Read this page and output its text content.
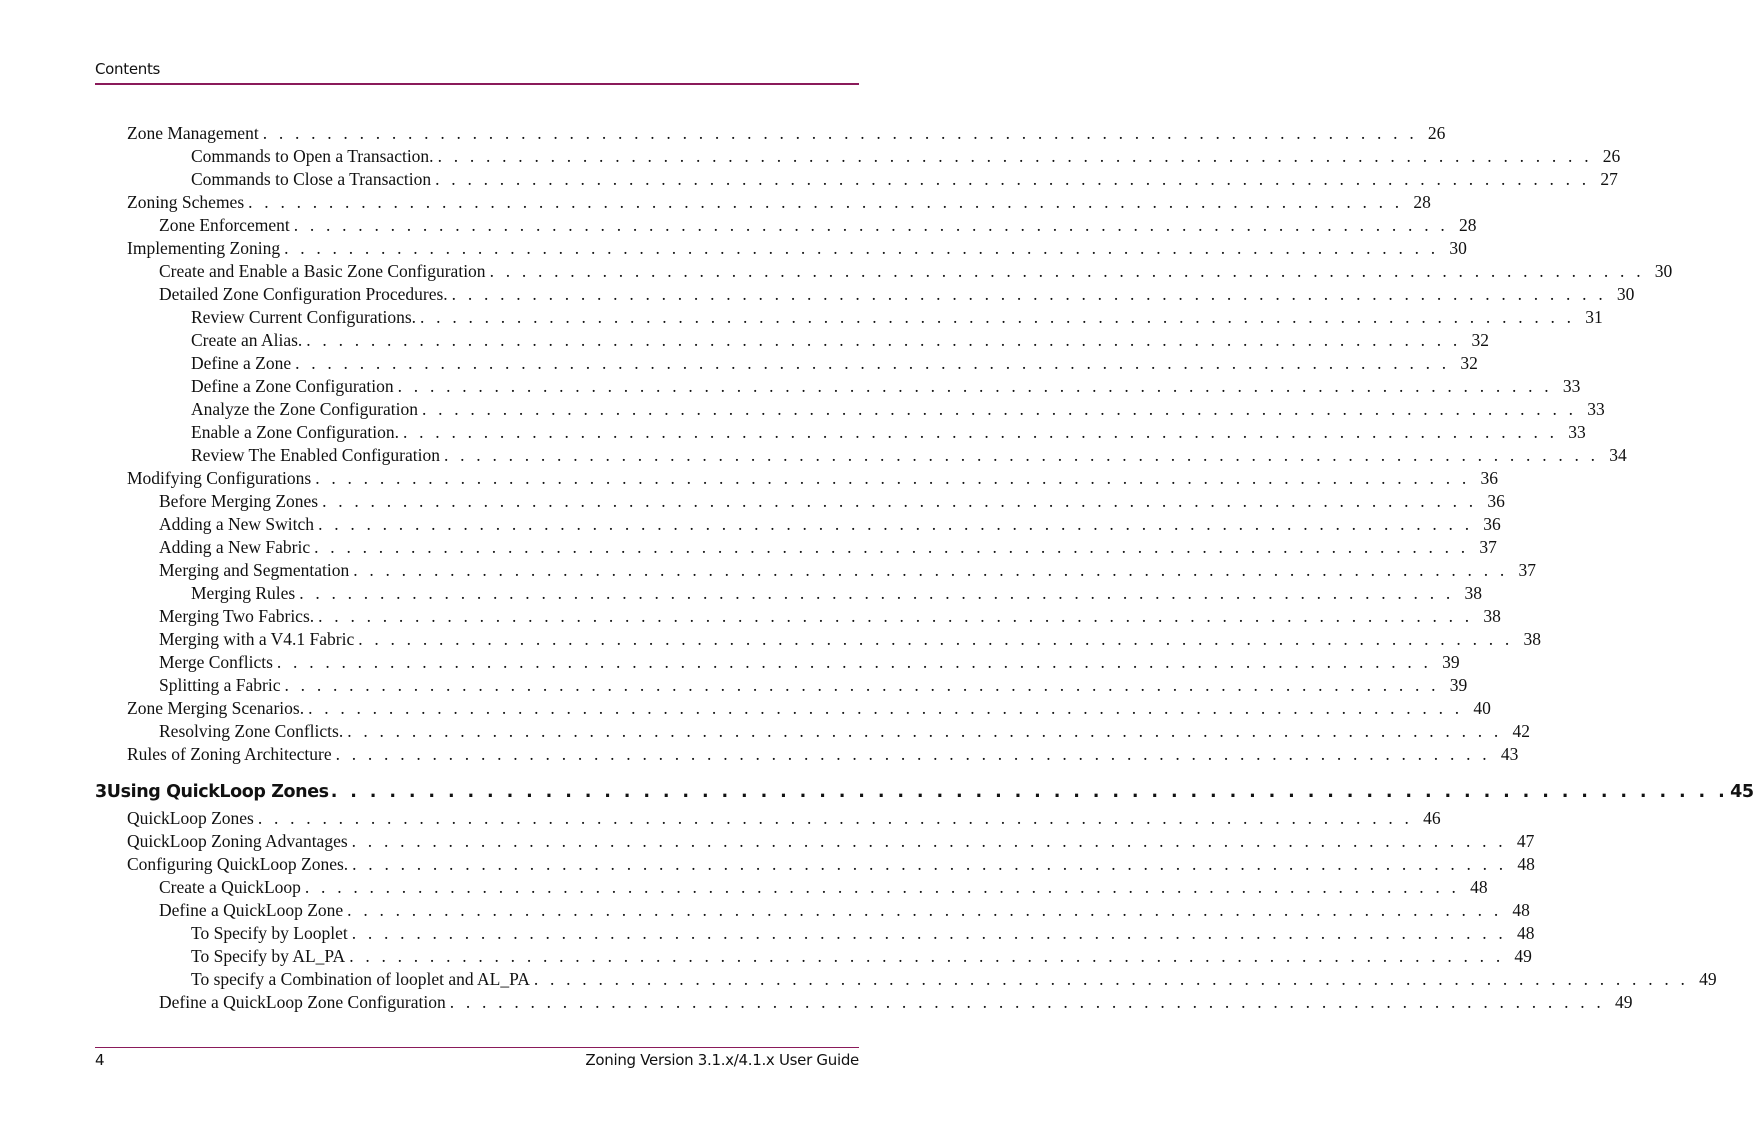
Contents
Zone Management . . . . . . . . . . . . . . . . . . . . . . . . . . . . . . . . . . . . . . . . . . . . . . . . . . . . . . . . . . . . . . . . . . . . . . . . 26
Commands to Open a Transaction. . . . . . . . . . . . . . . . . . . . . . . . . . . . . . . . . . . . . . . . . . . . . . . . . . . . . . . . . . . . . . . . . . . . . . . . . 26
Commands to Close a Transaction . . . . . . . . . . . . . . . . . . . . . . . . . . . . . . . . . . . . . . . . . . . . . . . . . . . . . . . . . . . . . . . . . . . . . . . . 27
Zoning Schemes . . . . . . . . . . . . . . . . . . . . . . . . . . . . . . . . . . . . . . . . . . . . . . . . . . . . . . . . . . . . . . . . . . . . . . . . 28
Zone Enforcement . . . . . . . . . . . . . . . . . . . . . . . . . . . . . . . . . . . . . . . . . . . . . . . . . . . . . . . . . . . . . . . . . . . . . . . . 28
Implementing Zoning . . . . . . . . . . . . . . . . . . . . . . . . . . . . . . . . . . . . . . . . . . . . . . . . . . . . . . . . . . . . . . . . . . . . . . . . 30
Create and Enable a Basic Zone Configuration . . . . . . . . . . . . . . . . . . . . . . . . . . . . . . . . . . . . . . . . . . . . . . . . . . . . . . . . . . . . . . . . . . . . . . . . 30
Detailed Zone Configuration Procedures. . . . . . . . . . . . . . . . . . . . . . . . . . . . . . . . . . . . . . . . . . . . . . . . . . . . . . . . . . . . . . . . . . . . . . . . . 30
Review Current Configurations. . . . . . . . . . . . . . . . . . . . . . . . . . . . . . . . . . . . . . . . . . . . . . . . . . . . . . . . . . . . . . . . . . . . . . . . . 31
Create an Alias. . . . . . . . . . . . . . . . . . . . . . . . . . . . . . . . . . . . . . . . . . . . . . . . . . . . . . . . . . . . . . . . . . . . . . . . . 32
Define a Zone . . . . . . . . . . . . . . . . . . . . . . . . . . . . . . . . . . . . . . . . . . . . . . . . . . . . . . . . . . . . . . . . . . . . . . . . 32
Define a Zone Configuration . . . . . . . . . . . . . . . . . . . . . . . . . . . . . . . . . . . . . . . . . . . . . . . . . . . . . . . . . . . . . . . . . . . . . . . . 33
Analyze the Zone Configuration . . . . . . . . . . . . . . . . . . . . . . . . . . . . . . . . . . . . . . . . . . . . . . . . . . . . . . . . . . . . . . . . . . . . . . . . 33
Enable a Zone Configuration. . . . . . . . . . . . . . . . . . . . . . . . . . . . . . . . . . . . . . . . . . . . . . . . . . . . . . . . . . . . . . . . . . . . . . . . . 33
Review The Enabled Configuration . . . . . . . . . . . . . . . . . . . . . . . . . . . . . . . . . . . . . . . . . . . . . . . . . . . . . . . . . . . . . . . . . . . . . . . . 34
Modifying Configurations . . . . . . . . . . . . . . . . . . . . . . . . . . . . . . . . . . . . . . . . . . . . . . . . . . . . . . . . . . . . . . . . . . . . . . . . 36
Before Merging Zones . . . . . . . . . . . . . . . . . . . . . . . . . . . . . . . . . . . . . . . . . . . . . . . . . . . . . . . . . . . . . . . . . . . . . . . . 36
Adding a New Switch . . . . . . . . . . . . . . . . . . . . . . . . . . . . . . . . . . . . . . . . . . . . . . . . . . . . . . . . . . . . . . . . . . . . . . . . 36
Adding a New Fabric . . . . . . . . . . . . . . . . . . . . . . . . . . . . . . . . . . . . . . . . . . . . . . . . . . . . . . . . . . . . . . . . . . . . . . . . 37
Merging and Segmentation . . . . . . . . . . . . . . . . . . . . . . . . . . . . . . . . . . . . . . . . . . . . . . . . . . . . . . . . . . . . . . . . . . . . . . . . 37
Merging Rules . . . . . . . . . . . . . . . . . . . . . . . . . . . . . . . . . . . . . . . . . . . . . . . . . . . . . . . . . . . . . . . . . . . . . . . . 38
Merging Two Fabrics. . . . . . . . . . . . . . . . . . . . . . . . . . . . . . . . . . . . . . . . . . . . . . . . . . . . . . . . . . . . . . . . . . . . . . . . . 38
Merging with a V4.1 Fabric . . . . . . . . . . . . . . . . . . . . . . . . . . . . . . . . . . . . . . . . . . . . . . . . . . . . . . . . . . . . . . . . . . . . . . . . 38
Merge Conflicts . . . . . . . . . . . . . . . . . . . . . . . . . . . . . . . . . . . . . . . . . . . . . . . . . . . . . . . . . . . . . . . . . . . . . . . . 39
Splitting a Fabric . . . . . . . . . . . . . . . . . . . . . . . . . . . . . . . . . . . . . . . . . . . . . . . . . . . . . . . . . . . . . . . . . . . . . . . . 39
Zone Merging Scenarios. . . . . . . . . . . . . . . . . . . . . . . . . . . . . . . . . . . . . . . . . . . . . . . . . . . . . . . . . . . . . . . . . . . . . . . . . 40
Resolving Zone Conflicts. . . . . . . . . . . . . . . . . . . . . . . . . . . . . . . . . . . . . . . . . . . . . . . . . . . . . . . . . . . . . . . . . . . . . . . . . 42
Rules of Zoning Architecture . . . . . . . . . . . . . . . . . . . . . . . . . . . . . . . . . . . . . . . . . . . . . . . . . . . . . . . . . . . . . . . . . . . . . . . . 43
3 Using QuickLoop Zones . . . . . . . . . . . . . . . . . . . . . . . . . . . . . . . . . . . . . . . . . . . . . . . . . . . . . . . . . . . . . . . . . . . . . . . . 45
QuickLoop Zones . . . . . . . . . . . . . . . . . . . . . . . . . . . . . . . . . . . . . . . . . . . . . . . . . . . . . . . . . . . . . . . . . . . . . . . . 46
QuickLoop Zoning Advantages . . . . . . . . . . . . . . . . . . . . . . . . . . . . . . . . . . . . . . . . . . . . . . . . . . . . . . . . . . . . . . . . . . . . . . . . 47
Configuring QuickLoop Zones. . . . . . . . . . . . . . . . . . . . . . . . . . . . . . . . . . . . . . . . . . . . . . . . . . . . . . . . . . . . . . . . . . . . . . . . . 48
Create a QuickLoop . . . . . . . . . . . . . . . . . . . . . . . . . . . . . . . . . . . . . . . . . . . . . . . . . . . . . . . . . . . . . . . . . . . . . . . . 48
Define a QuickLoop Zone . . . . . . . . . . . . . . . . . . . . . . . . . . . . . . . . . . . . . . . . . . . . . . . . . . . . . . . . . . . . . . . . . . . . . . . . 48
To Specify by Looplet . . . . . . . . . . . . . . . . . . . . . . . . . . . . . . . . . . . . . . . . . . . . . . . . . . . . . . . . . . . . . . . . . . . . . . . . 48
To Specify by AL_PA . . . . . . . . . . . . . . . . . . . . . . . . . . . . . . . . . . . . . . . . . . . . . . . . . . . . . . . . . . . . . . . . . . . . . . . . 49
To specify a Combination of looplet and AL_PA . . . . . . . . . . . . . . . . . . . . . . . . . . . . . . . . . . . . . . . . . . . . . . . . . . . . . . . . . . . . . . . . . . . . . . . . 49
Define a QuickLoop Zone Configuration . . . . . . . . . . . . . . . . . . . . . . . . . . . . . . . . . . . . . . . . . . . . . . . . . . . . . . . . . . . . . . . . . . . . . . . . 49
4	Zoning Version 3.1.x/4.1.x User Guide
